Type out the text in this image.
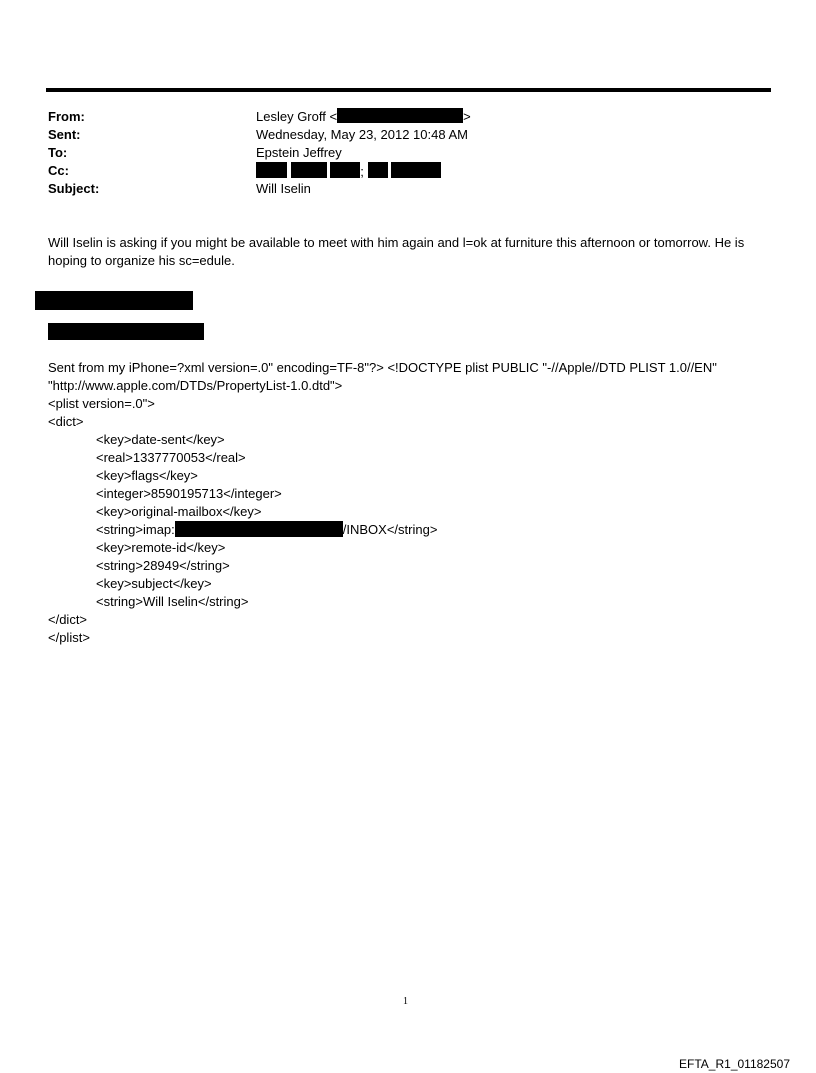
From:	Lesley Groff <	>
Sent:	Wednesday, May 23, 2012 10:48 AM
To:	Epstein Jeffrey
Cc:	;
Subject:	Will Iselin
Will Iselin is asking if you might be available to meet with him again and l=ok at furniture this afternoon or tomorrow. He is hoping to organize his sc=edule.
Sent from my iPhone=?xml version=.0" encoding=TF-8"?> <!DOCTYPE plist PUBLIC "-//Apple//DTD PLIST 1.0//EN"
"http://www.apple.com/DTDs/PropertyList-1.0.dtd">
<plist version=.0">
<dict>
<key>date-sent</key>
<real>1337770053</real>
<key>flags</key>
<integer>8590195713</integer>
<key>original-mailbox</key>
<string>imap:	/INBOX</string>
<key>remote-id</key>
<string>28949</string>
<key>subject</key>
<string>Will Iselin</string>
</dict>
</plist>
1
EFTA_R1_01182507
